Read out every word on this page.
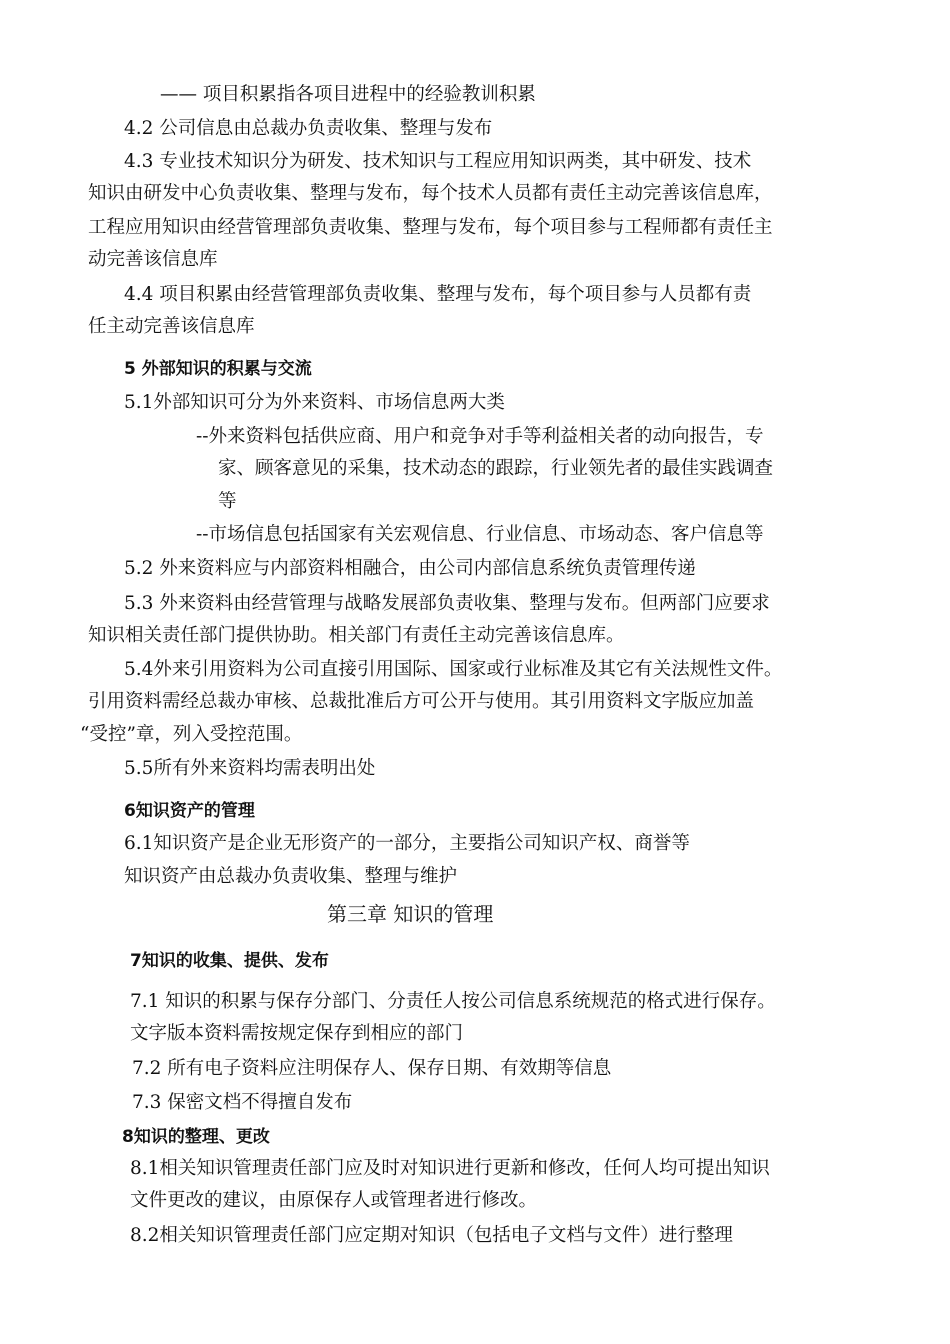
—— 项目积累指各项目进程中的经验教训积累
4.2 公司信息由总裁办负责收集、整理与发布
4.3 专业技术知识分为研发、技术知识与工程应用知识两类，其中研发、技术
知识由研发中心负责收集、整理与发布，每个技术人员都有责任主动完善该信息库，
工程应用知识由经营管理部负责收集、整理与发布，每个项目参与工程师都有责任主
动完善该信息库
4.4 项目积累由经营管理部负责收集、整理与发布，每个项目参与人员都有责
任主动完善该信息库
5 外部知识的积累与交流
5.1外部知识可分为外来资料、市场信息两大类
--外来资料包括供应商、用户和竞争对手等利益相关者的动向报告，专
家、顾客意见的采集，技术动态的跟踪，行业领先者的最佳实践调查
等
--市场信息包括国家有关宏观信息、行业信息、市场动态、客户信息等
5.2 外来资料应与内部资料相融合，由公司内部信息系统负责管理传递
5.3 外来资料由经营管理与战略发展部负责收集、整理与发布。但两部门应要求
知识相关责任部门提供协助。相关部门有责任主动完善该信息库。
5.4外来引用资料为公司直接引用国际、国家或行业标准及其它有关法规性文件。
引用资料需经总裁办审核、总裁批准后方可公开与使用。其引用资料文字版应加盖
“受控”章，列入受控范围。
5.5所有外来资料均需表明出处
6知识资产的管理
6.1知识资产是企业无形资产的一部分，主要指公司知识产权、商誉等
知识资产由总裁办负责收集、整理与维护
第三章 知识的管理
7知识的收集、提供、发布
7.1 知识的积累与保存分部门、分责任人按公司信息系统规范的格式进行保存。
文字版本资料需按规定保存到相应的部门
7.2 所有电子资料应注明保存人、保存日期、有效期等信息
7.3 保密文档不得擅自发布
8知识的整理、更改
8.1相关知识管理责任部门应及时对知识进行更新和修改，任何人均可提出知识
文件更改的建议，由原保存人或管理者进行修改。
8.2相关知识管理责任部门应定期对知识（包括电子文档与文件）进行整理
